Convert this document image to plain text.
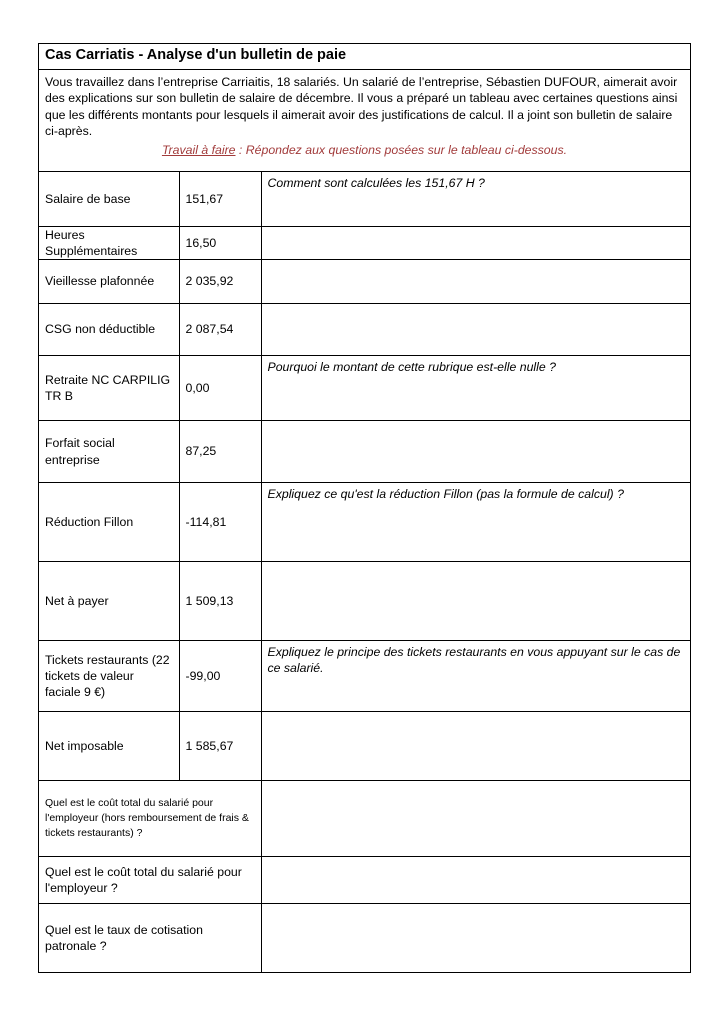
Cas Carriatis - Analyse d'un bulletin de paie

Vous travaillez dans l’entreprise Carriaitis, 18 salariés. Un salarié de l’entreprise, Sébastien DUFOUR, aimerait avoir des explications sur son bulletin de salaire de décembre. Il vous a préparé un tableau avec certaines questions ainsi que les différents montants pour lesquels il aimerait avoir des justifications de calcul. Il a joint son bulletin de salaire ci-après.

Travail à faire : Répondez aux questions posées sur le tableau ci-dessous.
Salaire de base	151,67	Comment sont calculées les 151,67 H ?
Heures Supplémentaires	16,50	
Vieillesse plafonnée	2 035,92	
CSG non déductible	2 087,54	
Retraite NC CARPILIG TR B	0,00	Pourquoi le montant de cette rubrique est-elle nulle ?
Forfait social entreprise	87,25	
Réduction Fillon	-114,81	Expliquez ce qu'est la réduction Fillon (pas la formule de calcul) ?
Net à payer	1 509,13	
Tickets restaurants (22 tickets de valeur faciale 9 €)	-99,00	Expliquez le principe des tickets restaurants en vous appuyant sur le cas de ce salarié.
Net imposable	1 585,67	
Quel est le coût total du salarié pour l'employeur (hors remboursement de frais & tickets restaurants) ?		
Quel est le coût total du salarié pour l'employeur ?		
Quel est le taux de cotisation patronale ?		
